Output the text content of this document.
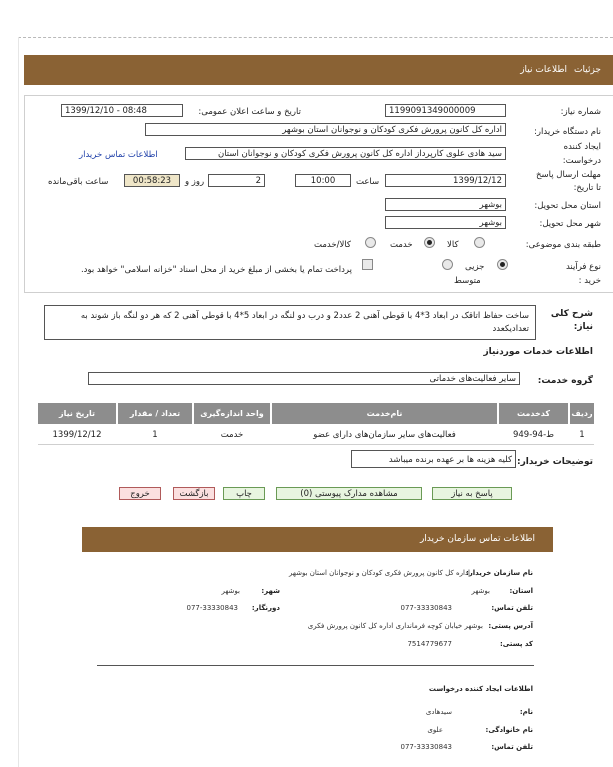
جزئیات
اطلاعات نیاز
شماره نیاز:
1199091349000009
تاریخ و ساعت اعلان عمومی:
1399/12/10 - 08:48
نام دستگاه خریدار:
اداره کل کانون پرورش فکری کودکان و نوجوانان استان بوشهر
ایجاد کننده
درخواست:
سید هادی علوی کارپرداز اداره کل کانون پرورش فکری کودکان و نوجوانان استان
اطلاعات تماس خریدار
مهلت ارسال پاسخ
تا تاریخ:
1399/12/12
ساعت
10:00
2
روز و
00:58:23
ساعت باقی‌مانده
استان محل تحویل:
بوشهر
شهر محل تحویل:
بوشهر
طبقه بندی موضوعی:
کالا
خدمت
کالا/خدمت
نوع فرآیند
خرید :
جزیی
متوسط
پرداخت تمام یا بخشی از مبلغ خرید از محل اسناد "خزانه اسلامی" خواهد بود.
شرح کلی
نیاز:
ساخت حفاظ اتاقک در ابعاد 3*4 با قوطی آهنی 2 عدد2 و درب دو لنگه در ابعاد 5*4 با قوطی آهنی 2 که هر دو لنگه باز شوند به تعدادیکعدد
اطلاعات خدمات موردنیاز
گروه خدمت:
سایر فعالیت‌های خدماتی
ردیف
کدخدمت
نام‌خدمت
واحد اندازه‌گیری
تعداد / مقدار
تاریخ نیاز
1
ط-94-949
فعالیت‌های سایر سازمان‌های دارای عضو
خدمت
1
1399/12/12
توضیحات خریدار:
کلیه هزینه ها بر عهده برنده میباشد
پاسخ به نیاز
مشاهده مدارک پیوستی (0)
چاپ
بازگشت
خروج
اطلاعات تماس سازمان خریدار
نام سازمان خریدار:
اداره کل کانون پرورش فکری کودکان و نوجوانان استان بوشهر
استان:
بوشهر
شهر:
بوشهر
تلفن تماس:
077-33330843
دورنگار:
077-33330843
آدرس پستی:
بوشهر خیابان کوچه فرمانداری اداره کل کانون پرورش فکری
کد پستی:
7514779677
اطلاعات ایجاد کننده درخواست
نام:
سیدهادی
نام خانوادگی:
علوی
تلفن تماس:
077-33330843
